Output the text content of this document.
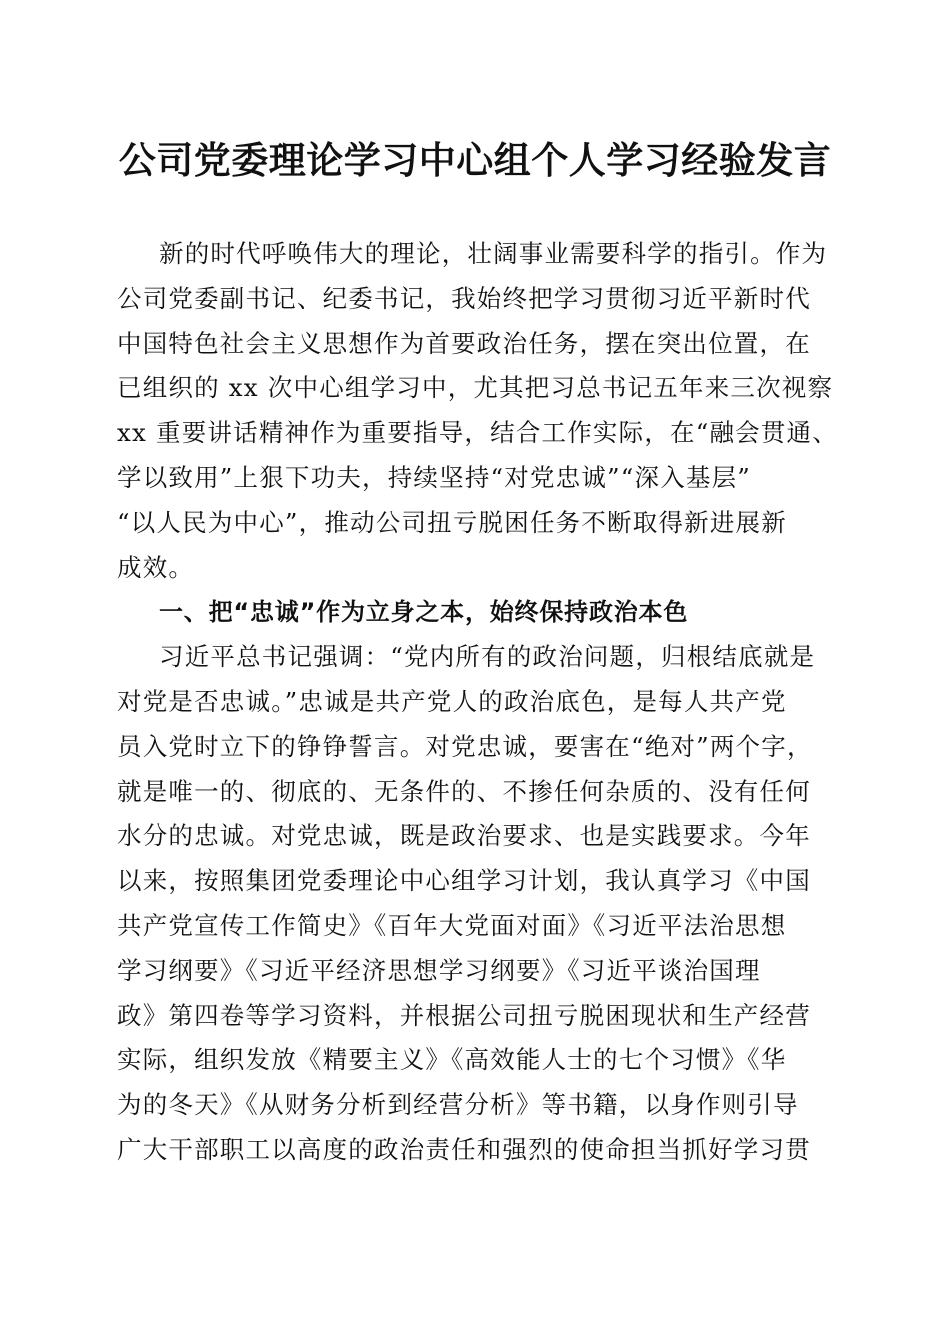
公司党委理论学习中心组个人学习经验发言

新的时代呼唤伟大的理论，壮阔事业需要科学的指引。作为

公司党委副书记、纪委书记，我始终把学习贯彻习近平新时代

中国特色社会主义思想作为首要政治任务，摆在突出位置，在

已组织的 xx 次中心组学习中，尤其把习总书记五年来三次视察

xx 重要讲话精神作为重要指导，结合工作实际，在“融会贯通、

学以致用”上狠下功夫，持续坚持“对党忠诚”“深入基层”

“以人民为中心”，推动公司扭亏脱困任务不断取得新进展新

成效。

一、把“忠诚”作为立身之本，始终保持政治本色

习近平总书记强调：“党内所有的政治问题，归根结底就是

对党是否忠诚。”忠诚是共产党人的政治底色，是每人共产党

员入党时立下的铮铮誓言。对党忠诚，要害在“绝对”两个字，

就是唯一的、彻底的、无条件的、不掺任何杂质的、没有任何

水分的忠诚。对党忠诚，既是政治要求、也是实践要求。今年

以来，按照集团党委理论中心组学习计划，我认真学习《中国

共产党宣传工作简史》《百年大党面对面》《习近平法治思想

学习纲要》《习近平经济思想学习纲要》《习近平谈治国理

政》第四卷等学习资料，并根据公司扭亏脱困现状和生产经营

实际，组织发放《精要主义》《高效能人士的七个习惯》《华

为的冬天》《从财务分析到经营分析》等书籍，以身作则引导

广大干部职工以高度的政治责任和强烈的使命担当抓好学习贯
